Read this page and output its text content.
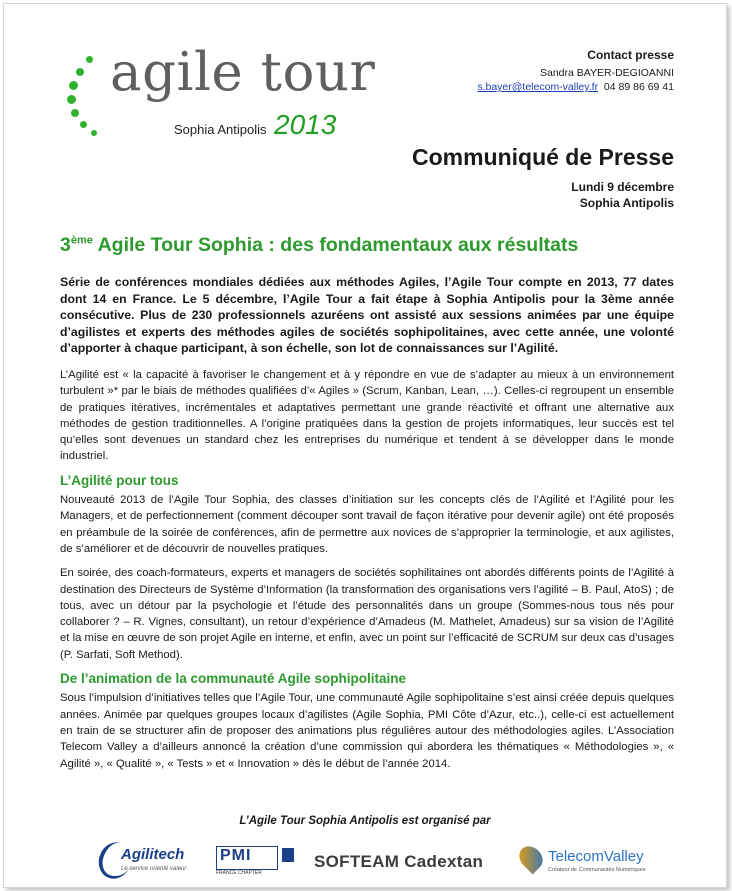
agile tour
Sophia Antipolis 2013
Contact presse
Sandra BAYER-DEGIOANNI
s.bayer@telecom-valley.fr 04 89 86 69 41
Communiqué de Presse
Lundi 9 décembre
Sophia Antipolis
3ème Agile Tour Sophia : des fondamentaux aux résultats

Série de conférences mondiales dédiées aux méthodes Agiles, l’Agile Tour compte en 2013, 77 dates dont 14 en France. Le 5 décembre, l’Agile Tour a fait étape à Sophia Antipolis pour la 3ème année consécutive. Plus de 230 professionnels azuréens ont assisté aux sessions animées par une équipe d’agilistes et experts des méthodes agiles de sociétés sophipolitaines, avec cette année, une volonté d’apporter à chaque participant, à son échelle, son lot de connaissances sur l’Agilité.

L’Agilité est « la capacité à favoriser le changement et à y répondre en vue de s’adapter au mieux à un environnement turbulent »* par le biais de méthodes qualifiées d’« Agiles » (Scrum, Kanban, Lean, …). Celles-ci regroupent un ensemble de pratiques itératives, incrémentales et adaptatives permettant une grande réactivité et offrant une alternative aux méthodes de gestion traditionnelles. A l’origine pratiquées dans la gestion de projets informatiques, leur succès est tel qu’elles sont devenues un standard chez les entreprises du numérique et tendent à se développer dans le monde industriel.

L’Agilité pour tous

Nouveauté 2013 de l’Agile Tour Sophia, des classes d’initiation sur les concepts clés de l’Agilité et l’Agilité pour les Managers, et de perfectionnement (comment découper sont travail de façon itérative pour devenir agile) ont été proposés en préambule de la soirée de conférences, afin de permettre aux novices de s’approprier la terminologie, et aux agilistes, de s’améliorer et de découvrir de nouvelles pratiques.

En soirée, des coach-formateurs, experts et managers de sociétés sophilitaines ont abordés différents points de l’Agilité à destination des Directeurs de Système d’Information (la transformation des organisations vers l’agilité – B. Paul, AtoS) ; de tous, avec un détour par la psychologie et l’étude des personnalités dans un groupe (Sommes-nous tous nés pour collaborer ? – R. Vignes, consultant), un retour d’expérience d’Amadeus (M. Mathelet, Amadeus) sur sa vision de l’Agilité et la mise en œuvre de son projet Agile en interne, et enfin, avec un point sur l’efficacité de SCRUM sur deux cas d’usages (P. Sarfati, Soft Method).

De l’animation de la communauté Agile sophipolitaine

Sous l’impulsion d’initiatives telles que l’Agile Tour, une communauté Agile sophipolitaine s’est ainsi créée depuis quelques années. Animée par quelques groupes locaux d’agilistes (Agile Sophia, PMI Côte d’Azur, etc..), celle-ci est actuellement en train de se structurer afin de proposer des animations plus régulières autour des méthodologies agiles. L’Association Telecom Valley a d’ailleurs annoncé la création d’une commission qui abordera les thématiques « Méthodologies », « Agilité », « Qualité », « Tests » et « Innovation » dès le début de l’année 2014.

L’Agile Tour Sophia Antipolis est organisé par
Agilitech
Le service orienté valeur
PMI
FRANCE CHAPTER
SOFTEAM Cadextan	TelecomValley
Créateur de Communautés Numériques
